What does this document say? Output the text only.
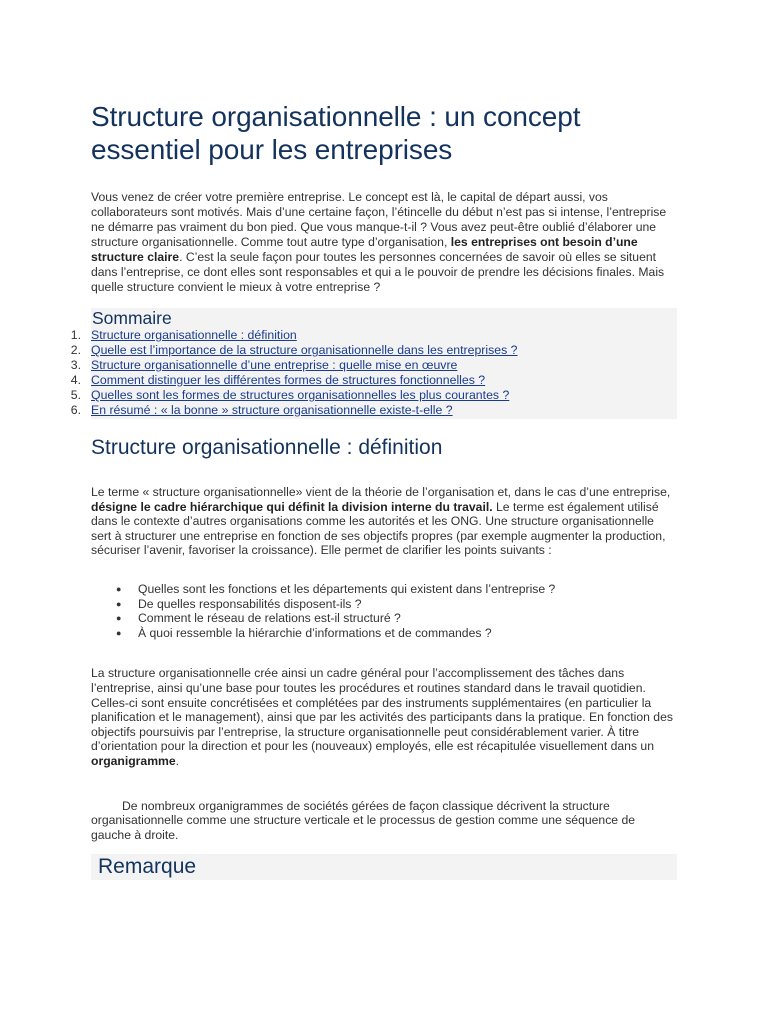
Structure organisationnelle : un concept essentiel pour les entreprises
Vous venez de créer votre première entreprise. Le concept est là, le capital de départ aussi, vos collaborateurs sont motivés. Mais d’une certaine façon, l’étincelle du début n’est pas si intense, l’entreprise ne démarre pas vraiment du bon pied. Que vous manque-t-il ? Vous avez peut-être oublié d’élaborer une structure organisationnelle. Comme tout autre type d’organisation, les entreprises ont besoin d’une structure claire. C’est la seule façon pour toutes les personnes concernées de savoir où elles se situent dans l’entreprise, ce dont elles sont responsables et qui a le pouvoir de prendre les décisions finales. Mais quelle structure convient le mieux à votre entreprise ?
Sommaire
1. Structure organisationnelle : définition
2. Quelle est l’importance de la structure organisationnelle dans les entreprises ?
3. Structure organisationnelle d’une entreprise : quelle mise en œuvre
4. Comment distinguer les différentes formes de structures fonctionnelles ?
5. Quelles sont les formes de structures organisationnelles les plus courantes ?
6. En résumé : « la bonne » structure organisationnelle existe-t-elle ?
Structure organisationnelle : définition
Le terme « structure organisationnelle» vient de la théorie de l’organisation et, dans le cas d’une entreprise, désigne le cadre hiérarchique qui définit la division interne du travail. Le terme est également utilisé dans le contexte d’autres organisations comme les autorités et les ONG. Une structure organisationnelle sert à structurer une entreprise en fonction de ses objectifs propres (par exemple augmenter la production, sécuriser l’avenir, favoriser la croissance). Elle permet de clarifier les points suivants :
● Quelles sont les fonctions et les départements qui existent dans l’entreprise ?
● De quelles responsabilités disposent-ils ?
● Comment le réseau de relations est-il structuré ?
● À quoi ressemble la hiérarchie d’informations et de commandes ?
La structure organisationnelle crée ainsi un cadre général pour l’accomplissement des tâches dans l’entreprise, ainsi qu’une base pour toutes les procédures et routines standard dans le travail quotidien. Celles-ci sont ensuite concrétisées et complétées par des instruments supplémentaires (en particulier la planification et le management), ainsi que par les activités des participants dans la pratique. En fonction des objectifs poursuivis par l’entreprise, la structure organisationnelle peut considérablement varier. À titre d’orientation pour la direction et pour les (nouveaux) employés, elle est récapitulée visuellement dans un organigramme.
De nombreux organigrammes de sociétés gérées de façon classique décrivent la structure organisationnelle comme une structure verticale et le processus de gestion comme une séquence de gauche à droite.
Remarque
